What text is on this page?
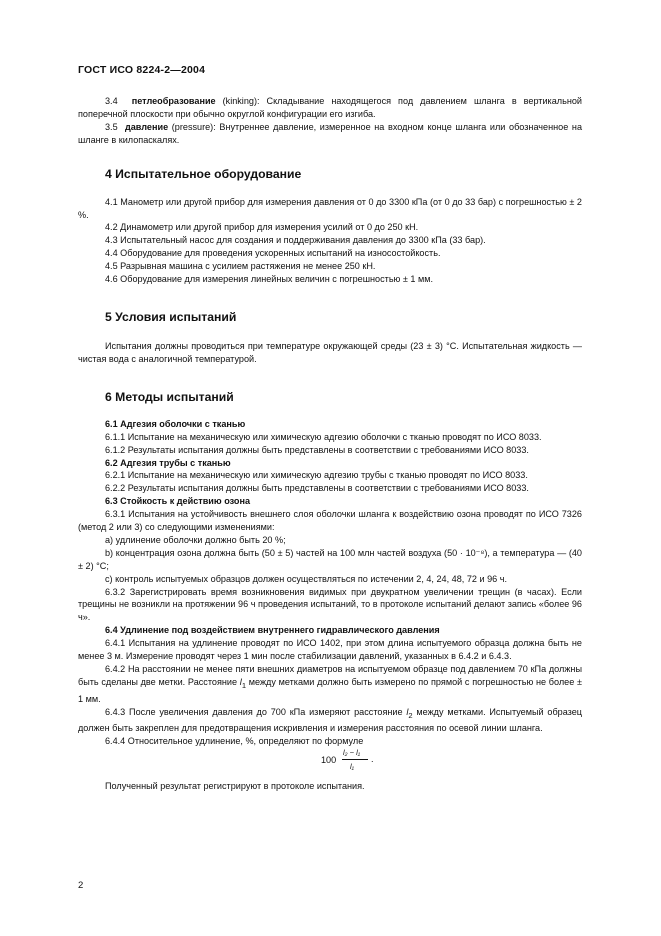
ГОСТ ИСО 8224-2—2004

3.4 петлеобразование (kinking): Складывание находящегося под давлением шланга в вертикальной поперечной плоскости при обычно округлой конфигурации его изгиба.

3.5 давление (pressure): Внутреннее давление, измеренное на входном конце шланга или обозначенное на шланге в килопаскалях.

4 Испытательное оборудование

4.1 Манометр или другой прибор для измерения давления от 0 до 3300 кПа (от 0 до 33 бар) с погрешностью ± 2 %.

4.2 Динамометр или другой прибор для измерения усилий от 0 до 250 кН.

4.3 Испытательный насос для создания и поддерживания давления до 3300 кПа (33 бар).

4.4 Оборудование для проведения ускоренных испытаний на износостойкость.

4.5 Разрывная машина с усилием растяжения не менее 250 кН.

4.6 Оборудование для измерения линейных величин с погрешностью ± 1 мм.

5 Условия испытаний

Испытания должны проводиться при температуре окружающей среды (23 ± 3) °С. Испытательная жидкость — чистая вода с аналогичной температурой.

6 Методы испытаний

6.1 Адгезия оболочки с тканью

6.1.1 Испытание на механическую или химическую адгезию оболочки с тканью проводят по ИСО 8033.

6.1.2 Результаты испытания должны быть представлены в соответствии с требованиями ИСО 8033.

6.2 Адгезия трубы с тканью

6.2.1 Испытание на механическую или химическую адгезию трубы с тканью проводят по ИСО 8033.

6.2.2 Результаты испытания должны быть представлены в соответствии с требованиями ИСО 8033.

6.3 Стойкость к действию озона

6.3.1 Испытания на устойчивость внешнего слоя оболочки шланга к воздействию озона проводят по ИСО 7326 (метод 2 или 3) со следующими изменениями:

а) удлинение оболочки должно быть 20 %;

b) концентрация озона должна быть (50 ± 5) частей на 100 млн частей воздуха (50 · 10⁻⁸), а температура — (40 ± 2) °С;

с) контроль испытуемых образцов должен осуществляться по истечении 2, 4, 24, 48, 72 и 96 ч.

6.3.2 Зарегистрировать время возникновения видимых при двукратном увеличении трещин (в часах). Если трещины не возникли на протяжении 96 ч проведения испытаний, то в протоколе испытаний делают запись «более 96 ч».

6.4 Удлинение под воздействием внутреннего гидравлического давления

6.4.1 Испытания на удлинение проводят по ИСО 1402, при этом длина испытуемого образца должна быть не менее 3 м. Измерение проводят через 1 мин после стабилизации давлений, указанных в 6.4.2 и 6.4.3.

6.4.2 На расстоянии не менее пяти внешних диаметров на испытуемом образце под давлением 70 кПа должны быть сделаны две метки. Расстояние $l_1$ между метками должно быть измерено по прямой с погрешностью не более ± 1 мм.

6.4.3 После увеличения давления до 700 кПа измеряют расстояние $l_2$ между метками. Испытуемый образец должен быть закреплен для предотвращения искривления и измерения расстояния по осевой линии шланга.

6.4.4 Относительное удлинение, %, определяют по формуле

100
l₂ − l₁
l₁
.

Полученный результат регистрируют в протоколе испытания.

2
